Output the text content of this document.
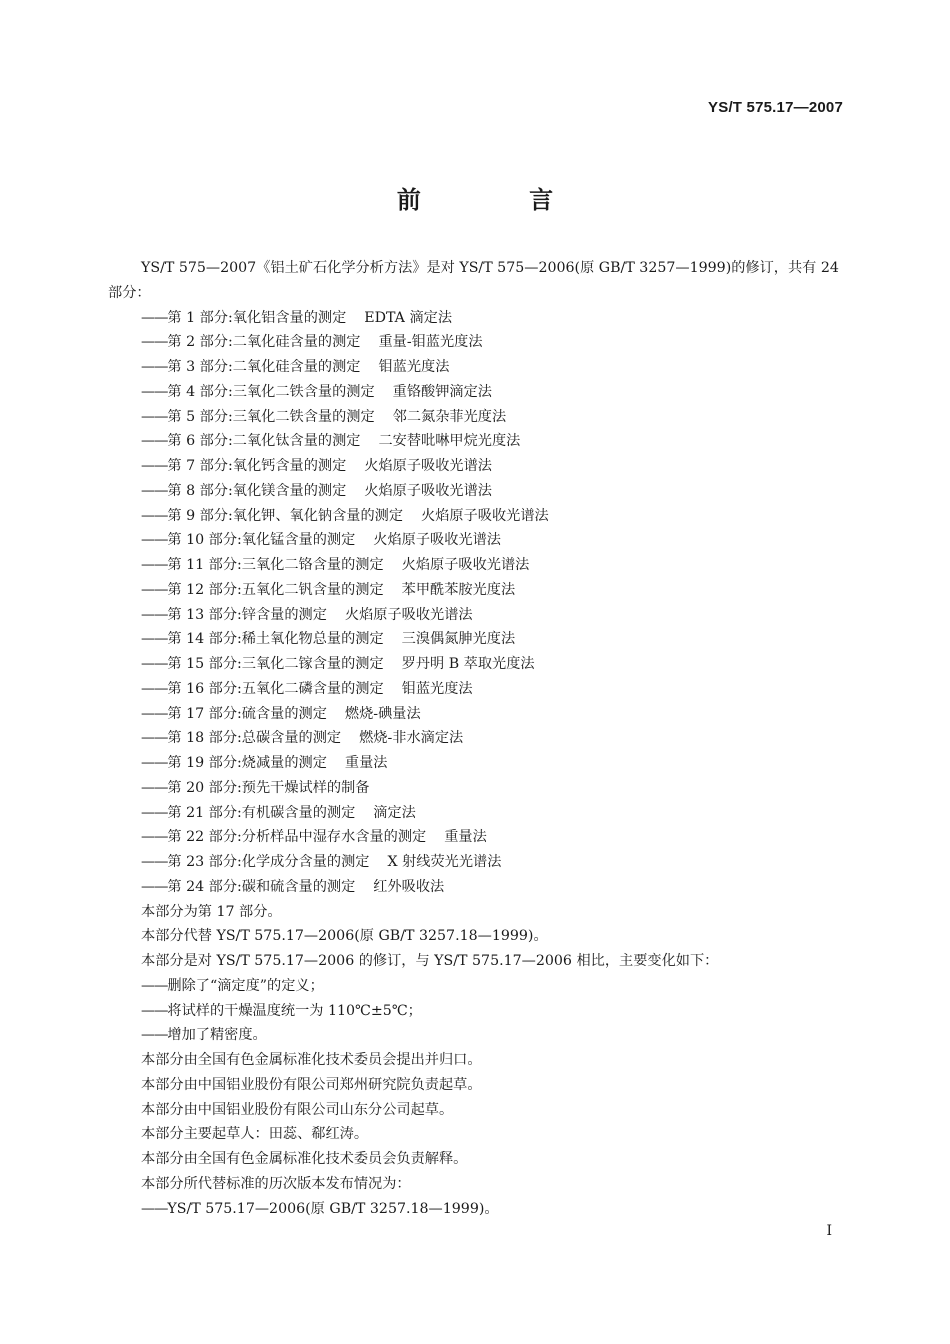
YS/T 575.17—2007
前 言

YS/T 575—2007《铝土矿石化学分析方法》是对 YS/T 575—2006(原 GB/T 3257—1999)的修订，共有 24 部分：

——第 1 部分:氧化铝含量的测定 EDTA 滴定法

——第 2 部分:二氧化硅含量的测定 重量-钼蓝光度法

——第 3 部分:二氧化硅含量的测定 钼蓝光度法

——第 4 部分:三氧化二铁含量的测定 重铬酸钾滴定法

——第 5 部分:三氧化二铁含量的测定 邻二氮杂菲光度法

——第 6 部分:二氧化钛含量的测定 二安替吡啉甲烷光度法

——第 7 部分:氧化钙含量的测定 火焰原子吸收光谱法

——第 8 部分:氧化镁含量的测定 火焰原子吸收光谱法

——第 9 部分:氧化钾、氧化钠含量的测定 火焰原子吸收光谱法

——第 10 部分:氧化锰含量的测定 火焰原子吸收光谱法

——第 11 部分:三氧化二铬含量的测定 火焰原子吸收光谱法

——第 12 部分:五氧化二钒含量的测定 苯甲酰苯胺光度法

——第 13 部分:锌含量的测定 火焰原子吸收光谱法

——第 14 部分:稀土氧化物总量的测定 三溴偶氮胂光度法

——第 15 部分:三氧化二镓含量的测定 罗丹明 B 萃取光度法

——第 16 部分:五氧化二磷含量的测定 钼蓝光度法

——第 17 部分:硫含量的测定 燃烧-碘量法

——第 18 部分:总碳含量的测定 燃烧-非水滴定法

——第 19 部分:烧减量的测定 重量法

——第 20 部分:预先干燥试样的制备

——第 21 部分:有机碳含量的测定 滴定法

——第 22 部分:分析样品中湿存水含量的测定 重量法

——第 23 部分:化学成分含量的测定 X 射线荧光光谱法

——第 24 部分:碳和硫含量的测定 红外吸收法

本部分为第 17 部分。

本部分代替 YS/T 575.17—2006(原 GB/T 3257.18—1999)。

本部分是对 YS/T 575.17—2006 的修订，与 YS/T 575.17—2006 相比，主要变化如下：

——删除了“滴定度”的定义；

——将试样的干燥温度统一为 110℃±5℃；

——增加了精密度。

本部分由全国有色金属标准化技术委员会提出并归口。

本部分由中国铝业股份有限公司郑州研究院负责起草。

本部分由中国铝业股份有限公司山东分公司起草。

本部分主要起草人：田蕊、郗红涛。

本部分由全国有色金属标准化技术委员会负责解释。

本部分所代替标准的历次版本发布情况为：

——YS/T 575.17—2006(原 GB/T 3257.18—1999)。

I
